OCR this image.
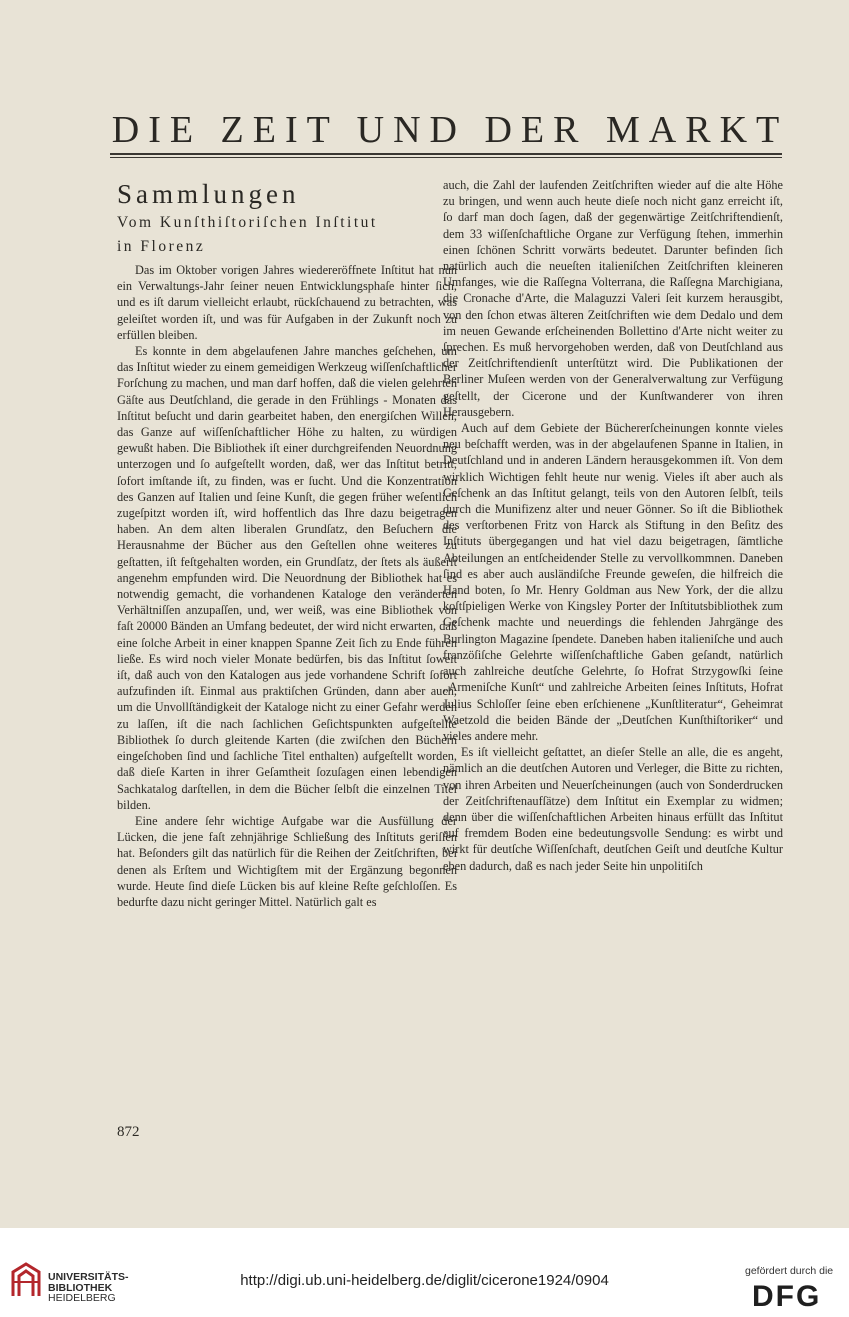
DIE ZEIT UND DER MARKT
Sammlungen
Vom Kunſthiſtoriſchen Inſtitut
in Florenz

Das im Oktober vorigen Jahres wiedereröffnete Inſtitut hat nun ein Verwaltungs-Jahr ſeiner neuen Entwicklungsphaſe hinter ſich, und es iſt darum vielleicht erlaubt, rückſchauend zu betrachten, was geleiſtet worden iſt, und was für Aufgaben in der Zukunft noch zu erfüllen bleiben.

Es konnte in dem abgelaufenen Jahre manches geſchehen, um das Inſtitut wieder zu einem gemeidigen Werkzeug wiſſenſchaftlicher Forſchung zu machen, und man darf hoffen, daß die vielen gelehrten Gäſte aus Deutſchland, die gerade in den Frühlings - Monaten das Inſtitut beſucht und darin gearbeitet haben, den energiſchen Willen, das Ganze auf wiſſenſchaftlicher Höhe zu halten, zu würdigen gewußt haben. Die Bibliothek iſt einer durchgreifenden Neuordnung unterzogen und ſo aufgeſtellt worden, daß, wer das Inſtitut betritt, ſofort imſtande iſt, zu finden, was er ſucht. Und die Konzentration des Ganzen auf Italien und ſeine Kunſt, die gegen früher weſentlich zugeſpitzt worden iſt, wird hoffentlich das Ihre dazu beigetragen haben. An dem alten liberalen Grundſatz, den Beſuchern die Herausnahme der Bücher aus den Geſtellen ohne weiteres zu geſtatten, iſt feſtgehalten worden, ein Grundſatz, der ſtets als äußerſt angenehm empfunden wird. Die Neuordnung der Bibliothek hat es notwendig gemacht, die vorhandenen Kataloge den veränderten Verhältniſſen anzupaſſen, und, wer weiß, was eine Bibliothek von faſt 20000 Bänden an Umfang bedeutet, der wird nicht erwarten, daß eine ſolche Arbeit in einer knappen Spanne Zeit ſich zu Ende führen ließe. Es wird noch vieler Monate bedürfen, bis das Inſtitut ſoweit iſt, daß auch von den Katalogen aus jede vorhandene Schrift ſofort aufzufinden iſt. Einmal aus praktiſchen Gründen, dann aber auch, um die Unvollſtändigkeit der Kataloge nicht zu einer Gefahr werden zu laſſen, iſt die nach ſachlichen Geſichtspunkten aufgeſtellte Bibliothek ſo durch gleitende Karten (die zwiſchen den Büchern eingeſchoben ſind und ſachliche Titel enthalten) aufgeſtellt worden, daß dieſe Karten in ihrer Geſamtheit ſozuſagen einen lebendigen Sachkatalog darſtellen, in dem die Bücher ſelbſt die einzelnen Titel bilden.

Eine andere ſehr wichtige Aufgabe war die Ausfüllung der Lücken, die jene faſt zehnjährige Schließung des Inſtituts geriſſen hat. Beſonders gilt das natürlich für die Reihen der Zeitſchriften, bei denen als Erſtem und Wichtigſtem mit der Ergänzung begonnen wurde. Heute ſind dieſe Lücken bis auf kleine Reſte geſchloſſen. Es bedurfte dazu nicht geringer Mittel. Natürlich galt es

auch, die Zahl der laufenden Zeitſchriften wieder auf die alte Höhe zu bringen, und wenn auch heute dieſe noch nicht ganz erreicht iſt, ſo darf man doch ſagen, daß der gegenwärtige Zeitſchriftendienſt, dem 33 wiſſenſchaftliche Organe zur Verfügung ſtehen, immerhin einen ſchönen Schritt vorwärts bedeutet. Darunter befinden ſich natürlich auch die neueſten italieniſchen Zeitſchriften kleineren Umfanges, wie die Raſſegna Volterrana, die Raſſegna Marchigiana, die Cronache d'Arte, die Malaguzzi Valeri ſeit kurzem herausgibt, von den ſchon etwas älteren Zeitſchriften wie dem Dedalo und dem im neuen Gewande erſcheinenden Bollettino d'Arte nicht weiter zu ſprechen. Es muß hervorgehoben werden, daß von Deutſchland aus der Zeitſchriftendienſt unterſtützt wird. Die Publikationen der Berliner Muſeen werden von der Generalverwaltung zur Verfügung geſtellt, der Cicerone und der Kunſtwanderer von ihren Herausgebern.

Auch auf dem Gebiete der Büchererſcheinungen konnte vieles neu beſchafft werden, was in der abgelaufenen Spanne in Italien, in Deutſchland und in anderen Ländern herausgekommen iſt. Von dem wirklich Wichtigen fehlt heute nur wenig. Vieles iſt aber auch als Geſchenk an das Inſtitut gelangt, teils von den Autoren ſelbſt, teils durch die Munifizenz alter und neuer Gönner. So iſt die Bibliothek des verſtorbenen Fritz von Harck als Stiftung in den Beſitz des Inſtituts übergegangen und hat viel dazu beigetragen, ſämtliche Abteilungen an entſcheidender Stelle zu vervollkommnen. Daneben ſind es aber auch ausländiſche Freunde geweſen, die hilfreich die Hand boten, ſo Mr. Henry Goldman aus New York, der die allzu koſtſpieligen Werke von Kingsley Porter der Inſtitutsbibliothek zum Geſchenk machte und neuerdings die fehlenden Jahrgänge des Burlington Magazine ſpendete. Daneben haben italieniſche und auch franzöſiſche Gelehrte wiſſenſchaftliche Gaben geſandt, natürlich auch zahlreiche deutſche Gelehrte, ſo Hofrat Strzygowſki ſeine „Armeniſche Kunſt“ und zahlreiche Arbeiten ſeines Inſtituts, Hofrat Julius Schloſſer ſeine eben erſchienene „Kunſtliteratur“, Geheimrat Waetzold die beiden Bände der „Deutſchen Kunſthiſtoriker“ und vieles andere mehr.

Es iſt vielleicht geſtattet, an dieſer Stelle an alle, die es angeht, nämlich an die deutſchen Autoren und Verleger, die Bitte zu richten, von ihren Arbeiten und Neuerſcheinungen (auch von Sonderdrucken der Zeitſchriftenaufſätze) dem Inſtitut ein Exemplar zu widmen; denn über die wiſſenſchaftlichen Arbeiten hinaus erfüllt das Inſtitut auf fremdem Boden eine bedeutungsvolle Sendung: es wirbt und wirkt für deutſche Wiſſenſchaft, deutſchen Geiſt und deutſche Kultur eben dadurch, daß es nach jeder Seite hin unpolitiſch

872
UNIVERSITÄTS-
BIBLIOTHEK
HEIDELBERG
http://digi.ub.uni-heidelberg.de/diglit/cicerone1924/0904
gefördert durch die
DFG
